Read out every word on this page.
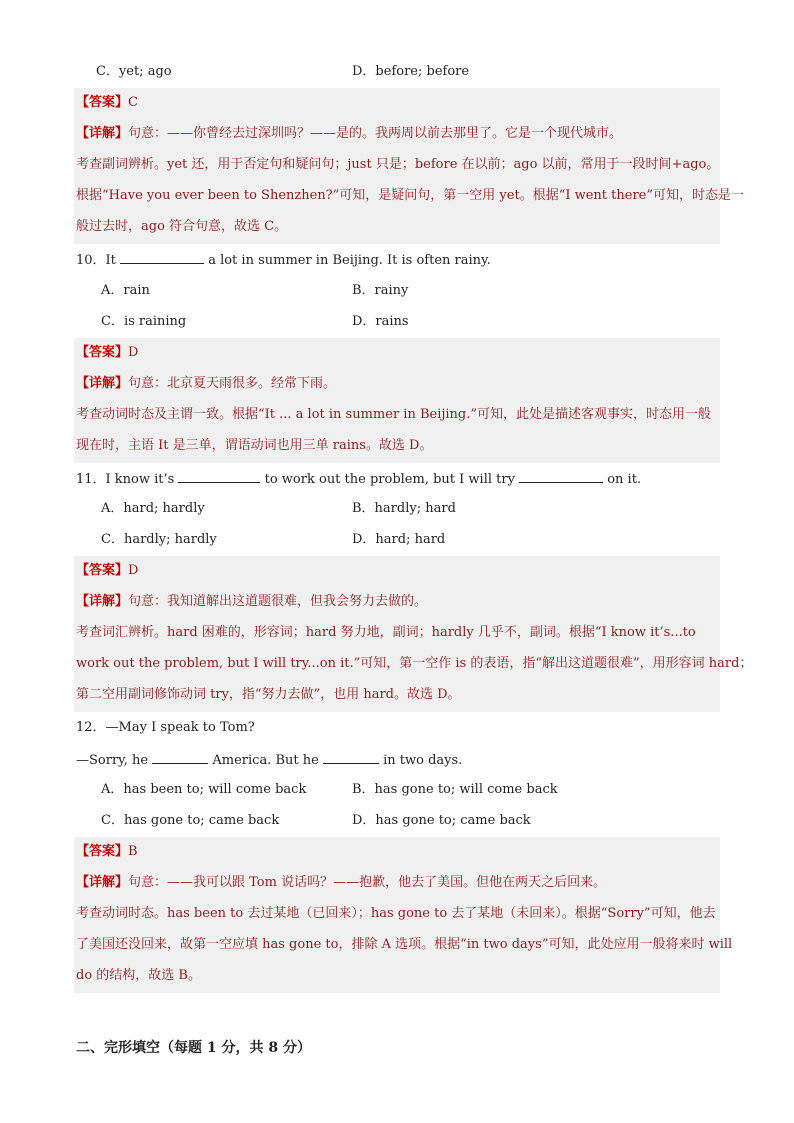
C．yet; ago	D．before; before
【答案】C
【详解】句意：——你曾经去过深圳吗？——是的。我两周以前去那里了。它是一个现代城市。
考查副词辨析。yet 还，用于否定句和疑问句；just 只是；before 在以前；ago 以前，常用于一段时间+ago。
根据“Have you ever been to Shenzhen?”可知，是疑问句，第一空用 yet。根据“I went there”可知，时态是一
般过去时，ago 符合句意，故选 C。
10．It	a lot in summer in Beijing. It is often rainy.
A．rain	B．rainy
C．is raining	D．rains
【答案】D
【详解】句意：北京夏天雨很多。经常下雨。
考查动词时态及主谓一致。根据“It ... a lot in summer in Beijing.”可知，此处是描述客观事实，时态用一般
现在时，主语 It 是三单，谓语动词也用三单 rains。故选 D。
11．I know it’s	to work out the problem, but I will try	on it.
A．hard; hardly	B．hardly; hard
C．hardly; hardly	D．hard; hard
【答案】D
【详解】句意：我知道解出这道题很难，但我会努力去做的。
考查词汇辨析。hard 困难的，形容词；hard 努力地，副词；hardly 几乎不，副词。根据“I know it’s...to
work out the problem, but I will try...on it.”可知，第一空作 is 的表语，指“解出这道题很难”，用形容词 hard；
第二空用副词修饰动词 try，指“努力去做”，也用 hard。故选 D。
12．—May I speak to Tom?
—Sorry, he	America. But he	in two days.
A．has been to; will come back	B．has gone to; will come back
C．has gone to; came back	D．has gone to; came back
【答案】B
【详解】句意：——我可以跟 Tom 说话吗？——抱歉，他去了美国。但他在两天之后回来。
考查动词时态。has been to 去过某地（已回来）；has gone to 去了某地（未回来）。根据“Sorry”可知，他去
了美国还没回来，故第一空应填 has gone to，排除 A 选项。根据“in two days”可知，此处应用一般将来时 will
do 的结构，故选 B。
二、完形填空（每题 1 分，共 8 分）
